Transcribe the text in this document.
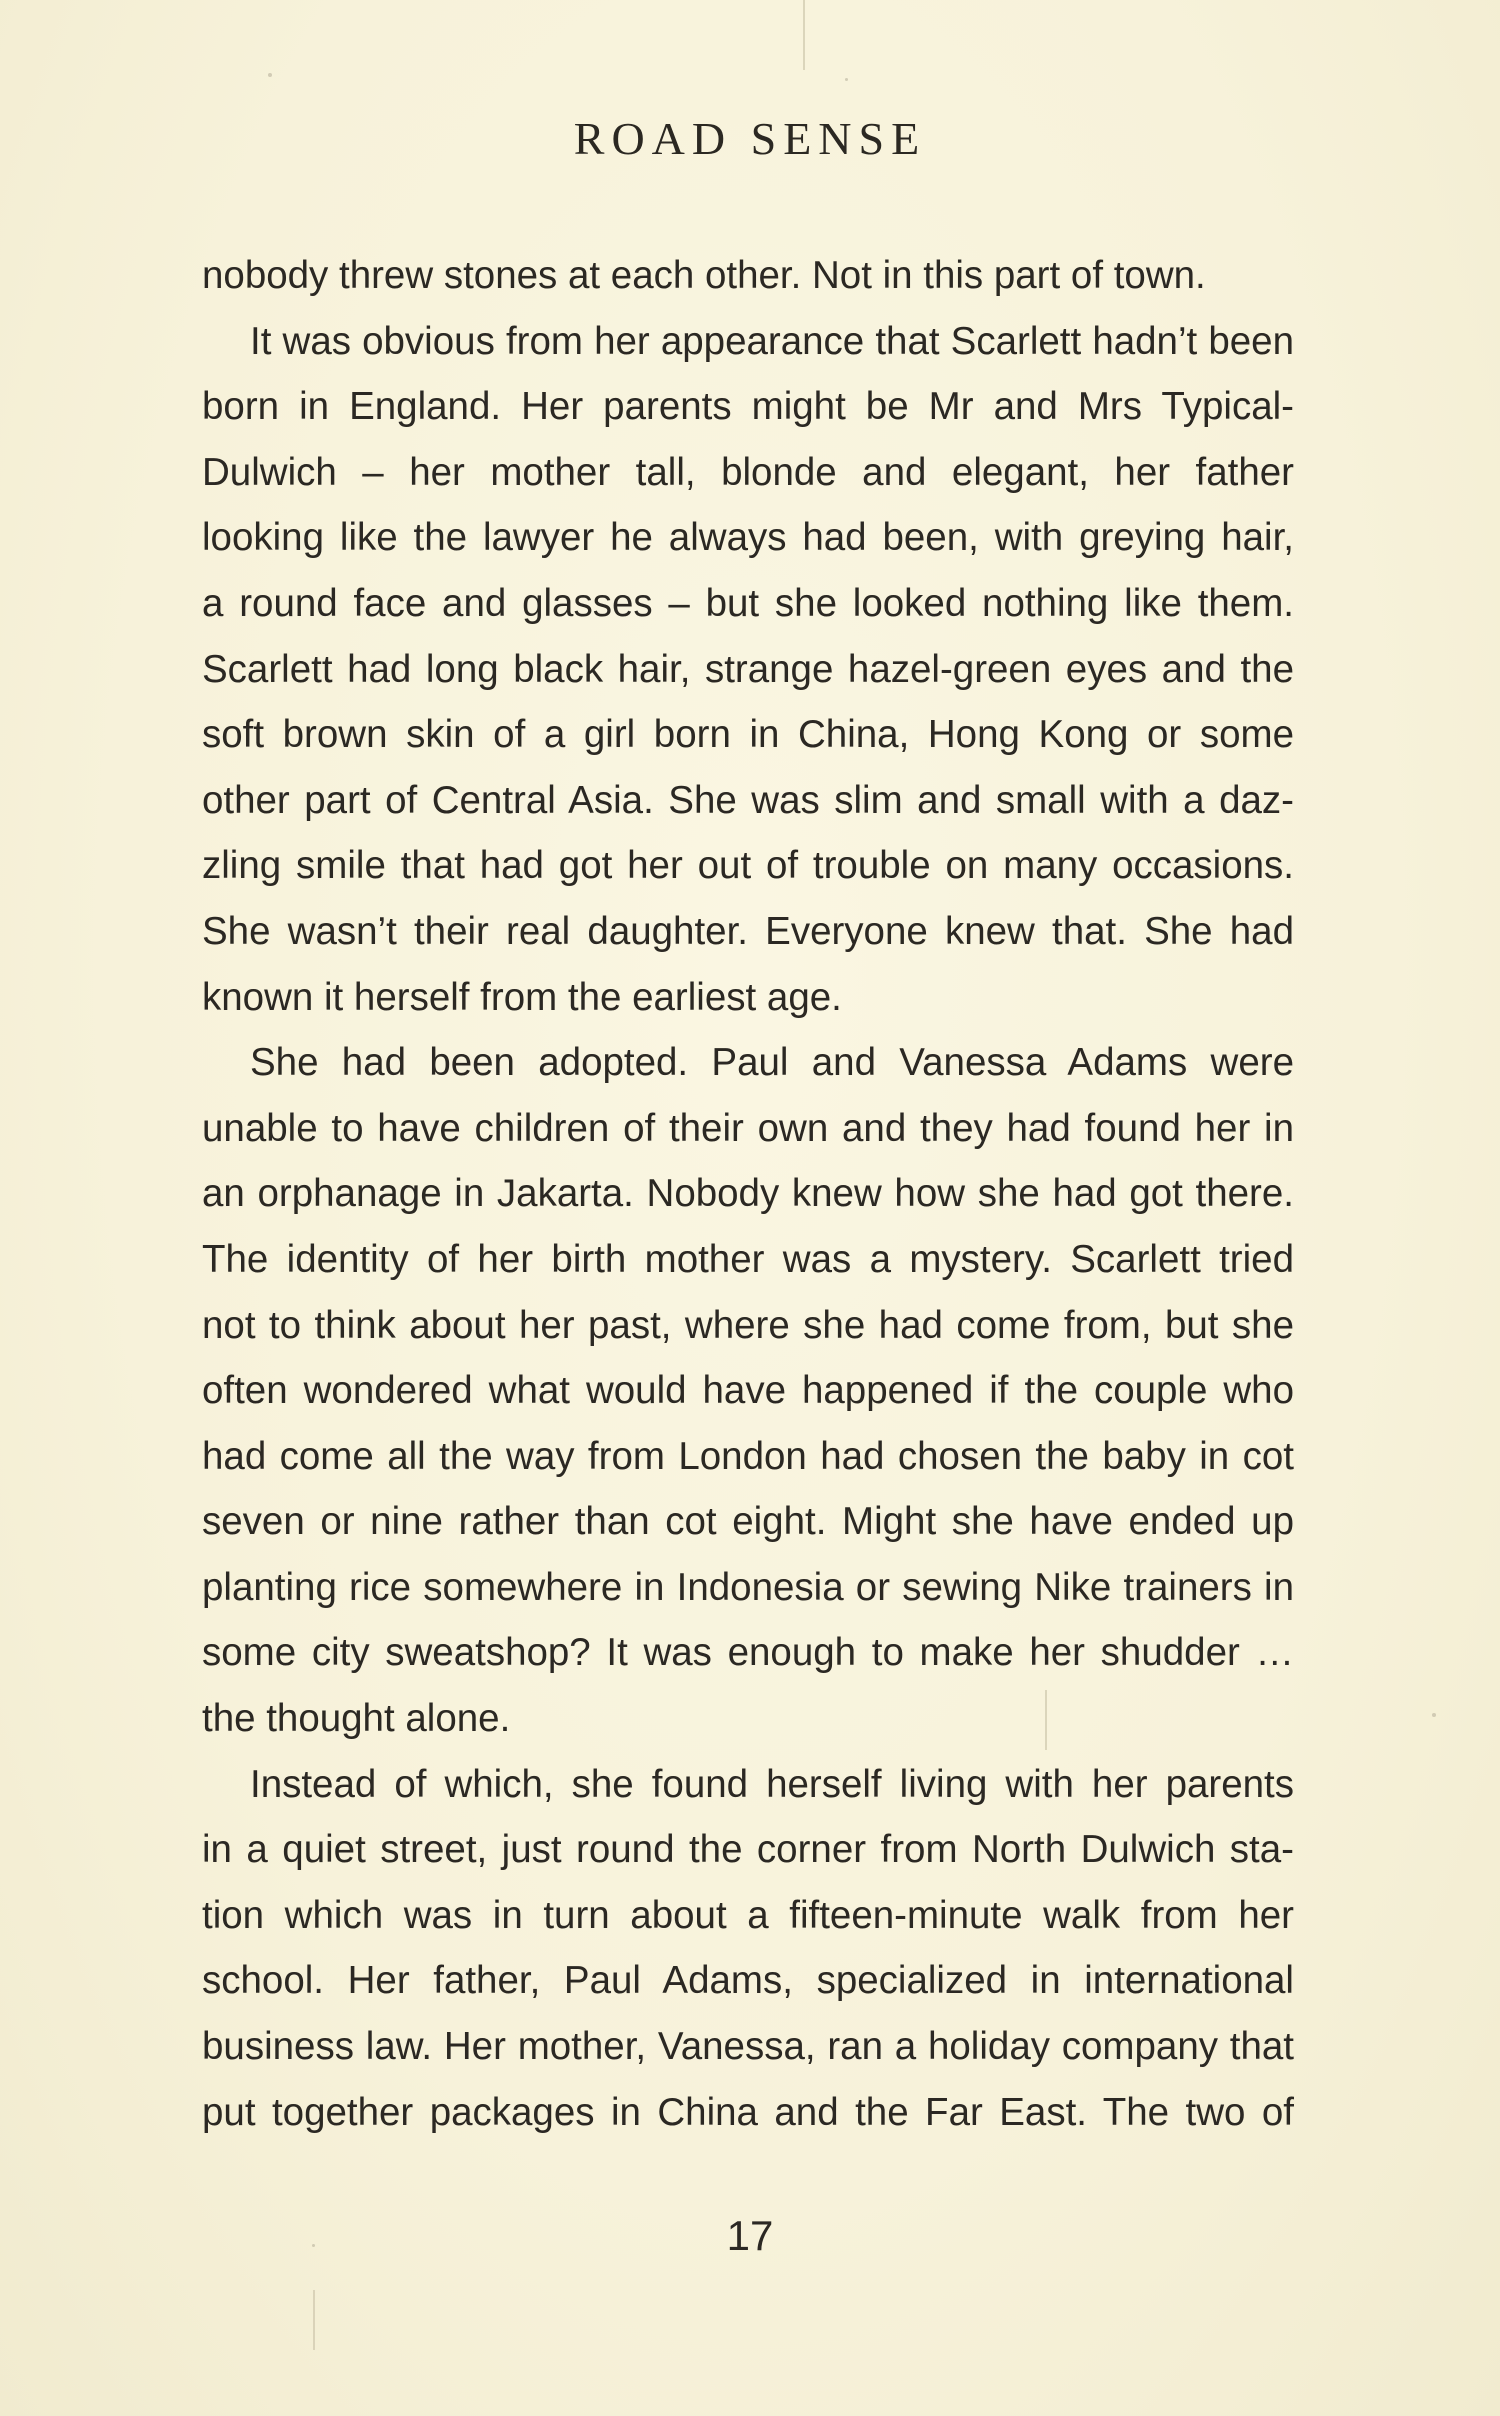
ROAD SENSE
nobody threw stones at each other. Not in this part of town.
It was obvious from her appearance that Scarlett hadn’t been
born in England. Her parents might be Mr and Mrs Typical-
Dulwich – her mother tall, blonde and elegant, her father
looking like the lawyer he always had been, with greying hair,
a round face and glasses – but she looked nothing like them.
Scarlett had long black hair, strange hazel-green eyes and the
soft brown skin of a girl born in China, Hong Kong or some
other part of Central Asia. She was slim and small with a daz-
zling smile that had got her out of trouble on many occasions.
She wasn’t their real daughter. Everyone knew that. She had
known it herself from the earliest age.
She had been adopted. Paul and Vanessa Adams were
unable to have children of their own and they had found her in
an orphanage in Jakarta. Nobody knew how she had got there.
The identity of her birth mother was a mystery. Scarlett tried
not to think about her past, where she had come from, but she
often wondered what would have happened if the couple who
had come all the way from London had chosen the baby in cot
seven or nine rather than cot eight. Might she have ended up
planting rice somewhere in Indonesia or sewing Nike trainers in
some city sweatshop? It was enough to make her shudder …
the thought alone.
Instead of which, she found herself living with her parents
in a quiet street, just round the corner from North Dulwich sta-
tion which was in turn about a fifteen-minute walk from her
school. Her father, Paul Adams, specialized in international
business law. Her mother, Vanessa, ran a holiday company that
put together packages in China and the Far East. The two of
17
